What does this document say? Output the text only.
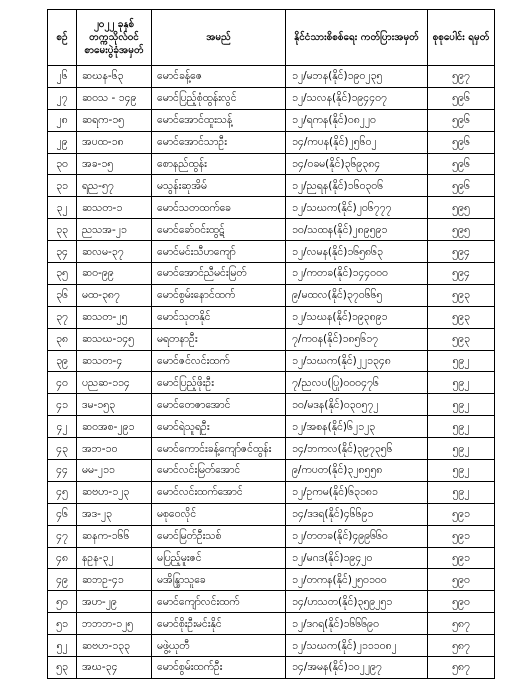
စဉ်	၂၀၂၂ ခုနှစ် တက္ကသိုလ်ဝင် စာမေးပွဲခုံအမှတ်	အမည်	နိုင်ငံသားစိစစ်ရေး ကတ်ပြားအမှတ်	စုစုပေါင်း ရမှတ်
၂၆	ဆဃန-၆၃	မောင်ခန့်ဇေ	၁၂/မဘန(နိုင်)၁၉၀၂၃၅	၅၉၇
၂၇	ဆဝသ - ၁၄၉	မောင်ပြည့်စုံထွန်းလွင်	၁၂/သလန(နိုင်)၁၉၄၄၀၇	၅၉၆
၂၈	ဆရက-၁၅	မောင်အောင်ထူးသန့်	၁၂/ရကန(နိုင်)၀၈၂၂၀	၅၉၆
၂၉	အပထ-၁၈	မောင်အောင်သာဦး	၁၄/ကပန(နိုင်)၂၅၆၀၂	၅၉၆
၃၀	အခ-၁၅	စောနည်ထွန်း	၁၄/ဝခမ(နိုင်)၃၆၉၃၈၄	၅၉၆
၃၁	ရည-၅၇	မသွန်းဆုအိမ်	၁၂/ညရန(နိုင်)၁၆၀၃၀၆	၅၉၆
၃၂	ဆသတ-၁	မောင်သတထက်ခေ	၁၂/သဃက(နိုင်)၂၀၆၇၇၇	၅၉၅
၃၃	ညသအ-၂၁	မောင်ခော်ဝင်းထွဋ်	၁၀/သထန(နိုင်)၂၈၉၅၉၁	၅၉၅
၃၄	ဆလမ-၃၇	မောင်မင်းသီဟကျော်	၁၂/လမန(နိုင်)၁၆၅၈၆၃	၅၉၄
၃၅	ဆဝ-၉၉	မောင်အောင်ညီမင်းမြတ်	၁၂/ကတခ(နိုင်)၁၄၄၀၀၀	၅၉၄
၃၆	မထ-၃၈၇	မောင်စွမ်းနောင်ထက်	၉/မထလ(နိုင်)၃၇၀၆၆၅	၅၉၃
၃၇	ဆသတ-၂၅	မောင်သုတနိုင်	၁၂/သဃန(နိုင်)၁၉၃၈၉၁	၅၉၃
၃၈	ဆသဃ-၁၄၅	မရတနာဦး	၇/ကဝန(နိုင်)၁၈၅၆၁၇	၅၉၃
၃၉	ဆသတ-၄	မောင်ဇင်လင်းထက်	၁၂/သဃက(နိုင်)၂၂၁၃၄၈	၅၉၂
၄၀	ပညဆ-၁၁၄	မောင်ပြည့်ဖိုးဦး	၇/ညလပ(ပြု)၀၀၀၄၇၆	၅၉၂
၄၁	ဒမ-၁၅၃	မောင်တေဇာအောင်	၁၀/မဒန(နိုင်)၀၃၀၅၇၂	၅၉၂
၄၂	ဆဝအစ-၂၉၁	မောင်ရဲသူရဦး	၁၂/အစန(နိုင်)၆၂၁၂၃	၅၉၂
၄၃	အဘ-၁၀	မောင်ကောင်းခန့်ကျော်ဇင်ထွန်း	၁၄/ဘကလ(နိုင်)၃၉၇၃၅၆	၅၉၂
၄၄	မမ-၂၁၁	မောင်လင်းမြတ်အောင်	၉/ကပတ(နိုင်)၃၂၈၅၅၈	၅၉၂
၄၅	ဆဗဟ-၁၂၃	မောင်လင်းထက်အောင်	၁၂/ဥကမ(နိုင်)၆၃၁၈၁	၅၉၂
၄၆	အဒ-၂၃	မစုဝေလိုင်	၁၄/ဒဒရ(နိုင်)၄၆၆၉၁	၅၉၁
၄၇	ဆနက-၁၆၆	မောင်မြတ်ဦးသစ်	၁၂/တတခ(နိုင်)၄၉၉၆၆၀	၅၉၁
၄၈	နဥန-၃၂	မပြည့်မူးဇင်	၁၂/မဂဒ(နိုင်)၁၉၄၂၀	၅၉၁
၄၉	ဆဘဥ-၄၁	မအိန္ဒြာသူခေ	၁၂/တကန(နိုင်)၂၅၀၁၀၀	၅၉၀
၅၀	အဟ-၂၉	မောင်ကျော်လင်းထက်	၁၄/ဟသတ(နိုင်)၃၅၉၂၅၁	၅၉၀
၅၁	ဘဘဘ-၁၂၅	မောင်စိုးဦးမင်းနိုင်	၁၂/ဒဂရ(နိုင်)၁၆၆၆၉၀	၅၈၇
၅၂	ဆဗဟ-၁၃၃	မဖွဲ့ယုတီ	၁၂/သဃက(နိုင်)၂၁၁၁၀၈၂	၅၈၇
၅၃	အဃ-၃၄	မောင်စွမ်းထက်ဦး	၁၄/အမန(နိုင်)၁၀၂၂၉၇	၅၈၇
